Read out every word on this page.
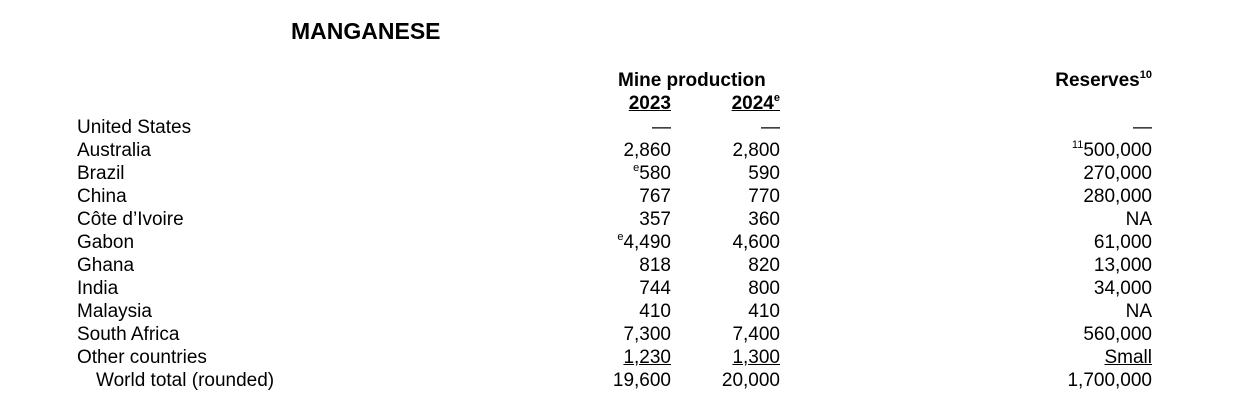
MANGANESE
Mine production
2023	2024e
Reserves$^{10}$
United States	—	—	—
Australia	2,860	2,800	$^{11}$500,000
Brazil	$^e$580	590	270,000
China	767	770	280,000
Côte d’Ivoire	357	360	NA
Gabon	$^e$4,490	4,600	61,000
Ghana	818	820	13,000
India	744	800	34,000
Malaysia	410	410	NA
South Africa	7,300	7,400	560,000
Other countries	1,230	1,300	Small
World total (rounded)	19,600	20,000	1,700,000
